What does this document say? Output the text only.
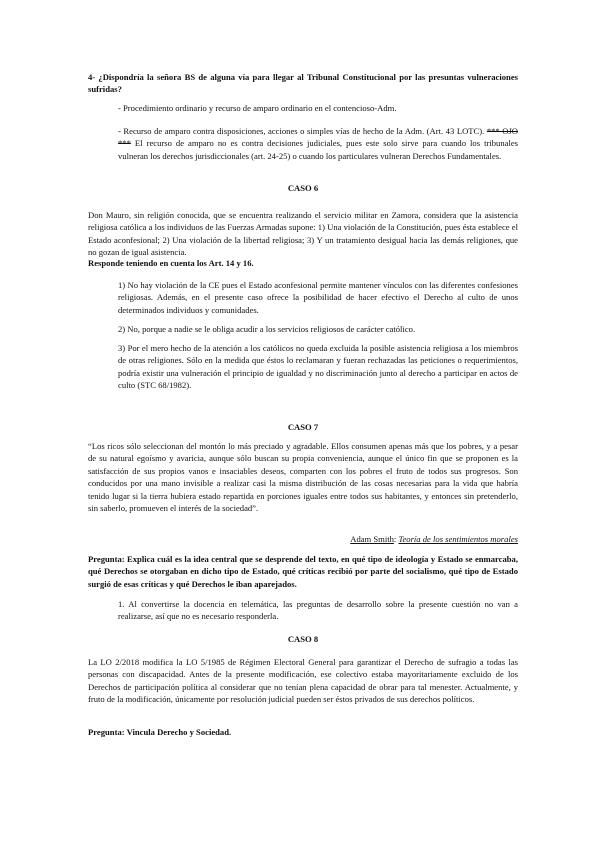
4- ¿Dispondría la señora BS de alguna vía para llegar al Tribunal Constitucional por las presuntas vulneraciones sufridas?

- Procedimiento ordinario y recurso de amparo ordinario en el contencioso-Adm.

- Recurso de amparo contra disposiciones, acciones o simples vías de hecho de la Adm. (Art. 43 LOTC). *** OJO *** El recurso de amparo no es contra decisiones judiciales, pues este solo sirve para cuando los tribunales vulneran los derechos jurisdiccionales (art. 24-25) o cuando los particulares vulneran Derechos Fundamentales.

CASO 6

Don Mauro, sin religión conocida, que se encuentra realizando el servicio militar en Zamora, considera que la asistencia religiosa católica a los individuos de las Fuerzas Armadas supone: 1) Una violación de la Constitución, pues ésta establece el Estado aconfesional; 2) Una violación de la libertad religiosa; 3) Y un tratamiento desigual hacia las demás religiones, que no gozan de igual asistencia.

Responde teniendo en cuenta los Art. 14 y 16.

1) No hay violación de la CE pues el Estado aconfesional permite mantener vínculos con las diferentes confesiones religiosas. Además, en el presente caso ofrece la posibilidad de hacer efectivo el Derecho al culto de unos determinados individuos y comunidades.

2) No, porque a nadie se le obliga acudir a los servicios religiosos de carácter católico.

3) Por el mero hecho de la atención a los católicos no queda excluida la posible asistencia religiosa a los miembros de otras religiones. Sólo en la medida que éstos lo reclamaran y fueran rechazadas las peticiones o requerimientos, podría existir una vulneración el principio de igualdad y no discriminación junto al derecho a participar en actos de culto (STC 68/1982).

CASO 7

“Los ricos sólo seleccionan del montón lo más preciado y agradable. Ellos consumen apenas más que los pobres, y a pesar de su natural egoísmo y avaricia, aunque sólo buscan su propia conveniencia, aunque el único fin que se proponen es la satisfacción de sus propios vanos e insaciables deseos, comparten con los pobres el fruto de todos sus progresos. Son conducidos por una mano invisible a realizar casi la misma distribución de las cosas necesarias para la vida que habría tenido lugar si la tierra hubiera estado repartida en porciones iguales entre todos sus habitantes, y entonces sin pretenderlo, sin saberlo, promueven el interés de la sociedad”.

Adam Smith: Teoría de los sentimientos morales

Pregunta: Explica cuál es la idea central que se desprende del texto, en qué tipo de ideología y Estado se enmarcaba, qué Derechos se otorgaban en dicho tipo de Estado, qué críticas recibió por parte del socialismo, qué tipo de Estado surgió de esas críticas y qué Derechos le iban aparejados.

1. Al convertirse la docencia en telemática, las preguntas de desarrollo sobre la presente cuestión no van a realizarse, así que no es necesario responderla.

CASO 8

La LO 2/2018 modifica la LO 5/1985 de Régimen Electoral General para garantizar el Derecho de sufragio a todas las personas con discapacidad. Antes de la presente modificación, ese colectivo estaba mayoritariamente excluido de los Derechos de participación política al considerar que no tenían plena capacidad de obrar para tal menester. Actualmente, y fruto de la modificación, únicamente por resolución judicial pueden ser éstos privados de sus derechos políticos.

Pregunta: Vincula Derecho y Sociedad.
